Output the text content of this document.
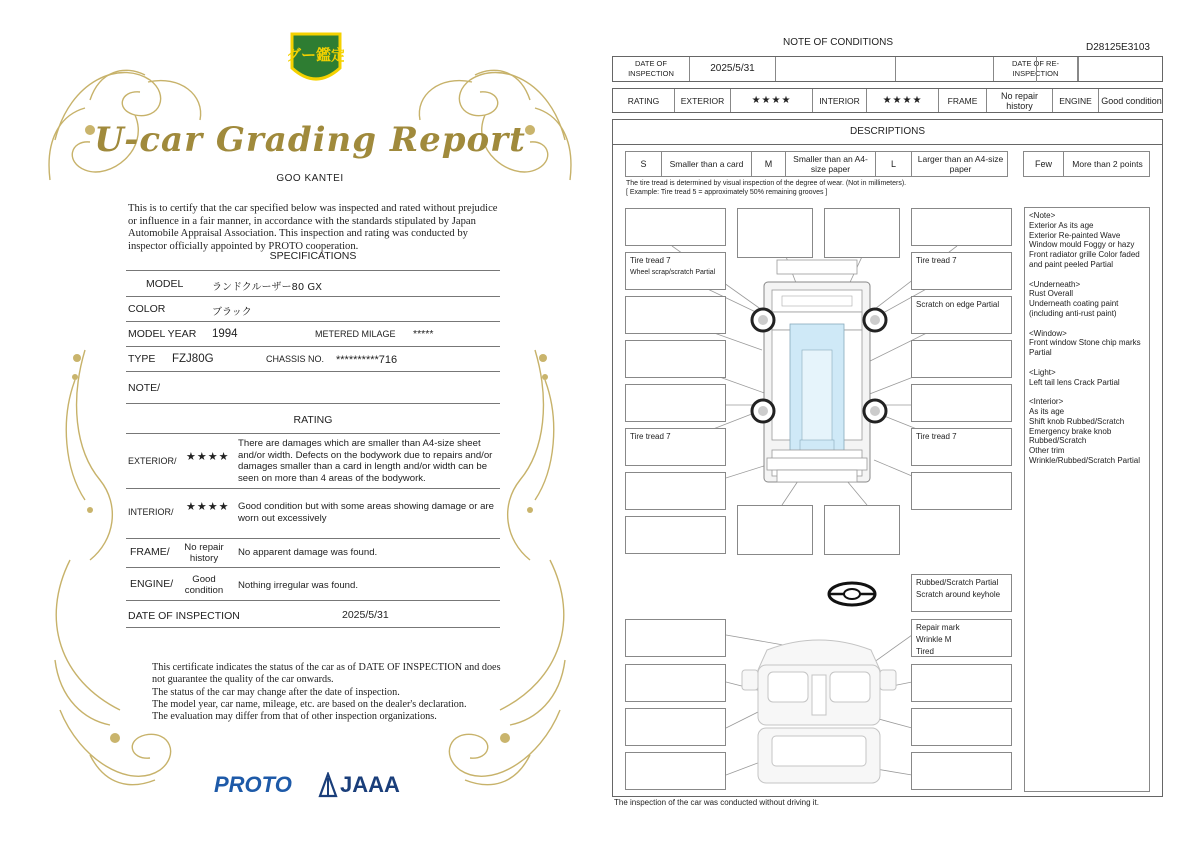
グー鑑定
U-car Grading Report
GOO KANTEI
This is to certify that the car specified below was inspected and rated without prejudice or influence in a fair manner, in accordance with the standards stipulated by Japan Automobile Appraisal Association. This inspection and rating was conducted by inspector officially appointed by PROTO cooperation.
SPECIFICATIONS
MODEL	ランドクルーザー80 GX
COLOR	ブラック
MODEL YEAR 1994	METERED MILAGE *****
TYPE FZJ80G	CHASSIS NO. **********716
NOTE/
RATING
EXTERIOR/ ★★★★
There are damages which are smaller than A4-size sheet and/or width. Defects on the bodywork due to repairs and/or damages smaller than a card in length and/or width can be seen on more than 4 areas of the bodywork.
INTERIOR/ ★★★★ Good condition but with some areas showing damage or are worn out excessively
FRAME/	No repair history
No apparent damage was found.
ENGINE/	Good condition	Nothing irregular was found.
DATE OF INSPECTION	2025/5/31
This certificate indicates the status of the car as of DATE OF INSPECTION and does not guarantee the quality of the car onwards.
The status of the car may change after the date of inspection.
The model year, car name, mileage, etc. are based on the dealer's declaration.
The evaluation may differ from that of other inspection organizations.
PROTO JAAA
NOTE OF CONDITIONS	D28125E3103
DATE OF INSPECTION	2025/5/31	DATE OF RE-INSPECTION
RATING	EXTERIOR	★★★★	INTERIOR	★★★★	FRAME	No repair history	ENGINE	Good condition
DESCRIPTIONS
S	Smaller than a card	M	Smaller than an A4-size paper	L	Larger than an A4-size paper	Few	More than 2 points
The tire tread is determined by visual inspection of the degree of wear. (Not in millimeters).
[ Example: Tire tread 5 = approximately 50% remaining grooves ]
<Note>
Exterior As its age
Exterior Re-painted Wave
Window mould Foggy or hazy
Front radiator grille Color faded and paint peeled Partial

<Underneath>
Rust Overall
Underneath coating paint (including anti-rust paint)

<Window>
Front window Stone chip marks Partial

<Light>
Left tail lens Crack Partial

<Interior>
As its age
Shift knob Rubbed/Scratch
Emergency brake knob Rubbed/Scratch
Other trim
Wrinkle/Rubbed/Scratch Partial
Tire tread 7
Wheel scrap/scratch Partial
Tire tread 7
Tire tread 7
Scratch on edge Partial
Tire tread 7
Rubbed/Scratch Partial
Scratch around keyhole
Repair mark
Wrinkle M
Tired
The inspection of the car was conducted without driving it.
